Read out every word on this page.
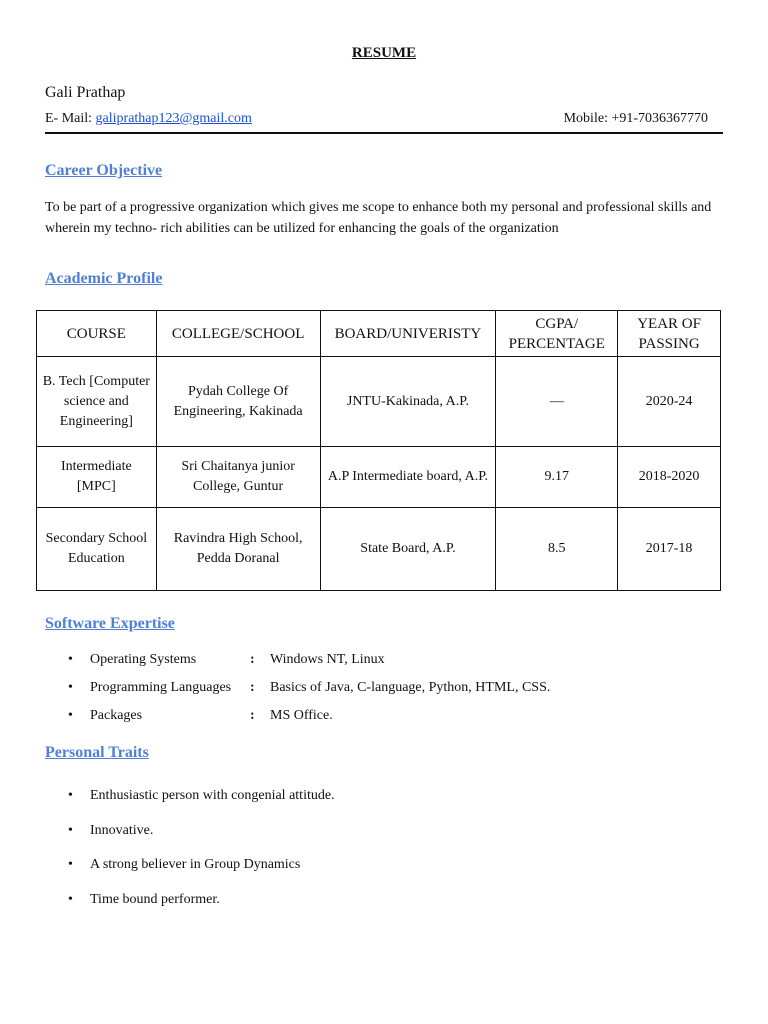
RESUME
Gali Prathap
E- Mail: galiprathap123@gmail.com	Mobile: +91-7036367770
Career Objective

To be part of a progressive organization which gives me scope to enhance both my personal and professional skills and wherein my techno- rich abilities can be utilized for enhancing the goals of the organization

Academic Profile
COURSE	COLLEGE/SCHOOL	BOARD/UNIVERISTY	CGPA/ PERCENTAGE	YEAR OF PASSING
B. Tech [Computer science and Engineering]	Pydah College Of Engineering, Kakinada	JNTU-Kakinada, A.P.	—	2020-24
Intermediate [MPC]	Sri Chaitanya junior College, Guntur	A.P Intermediate board, A.P.	9.17	2018-2020
Secondary School Education	Ravindra High School, Pedda Doranal	State Board, A.P.	8.5	2017-18
Software Expertise
• Operating Systems	: Windows NT, Linux
• Programming Languages : Basics of Java, C-language, Python, HTML, CSS.
• Packages	: MS Office.
Personal Traits
• Enthusiastic person with congenial attitude.
• Innovative.
• A strong believer in Group Dynamics
• Time bound performer.
